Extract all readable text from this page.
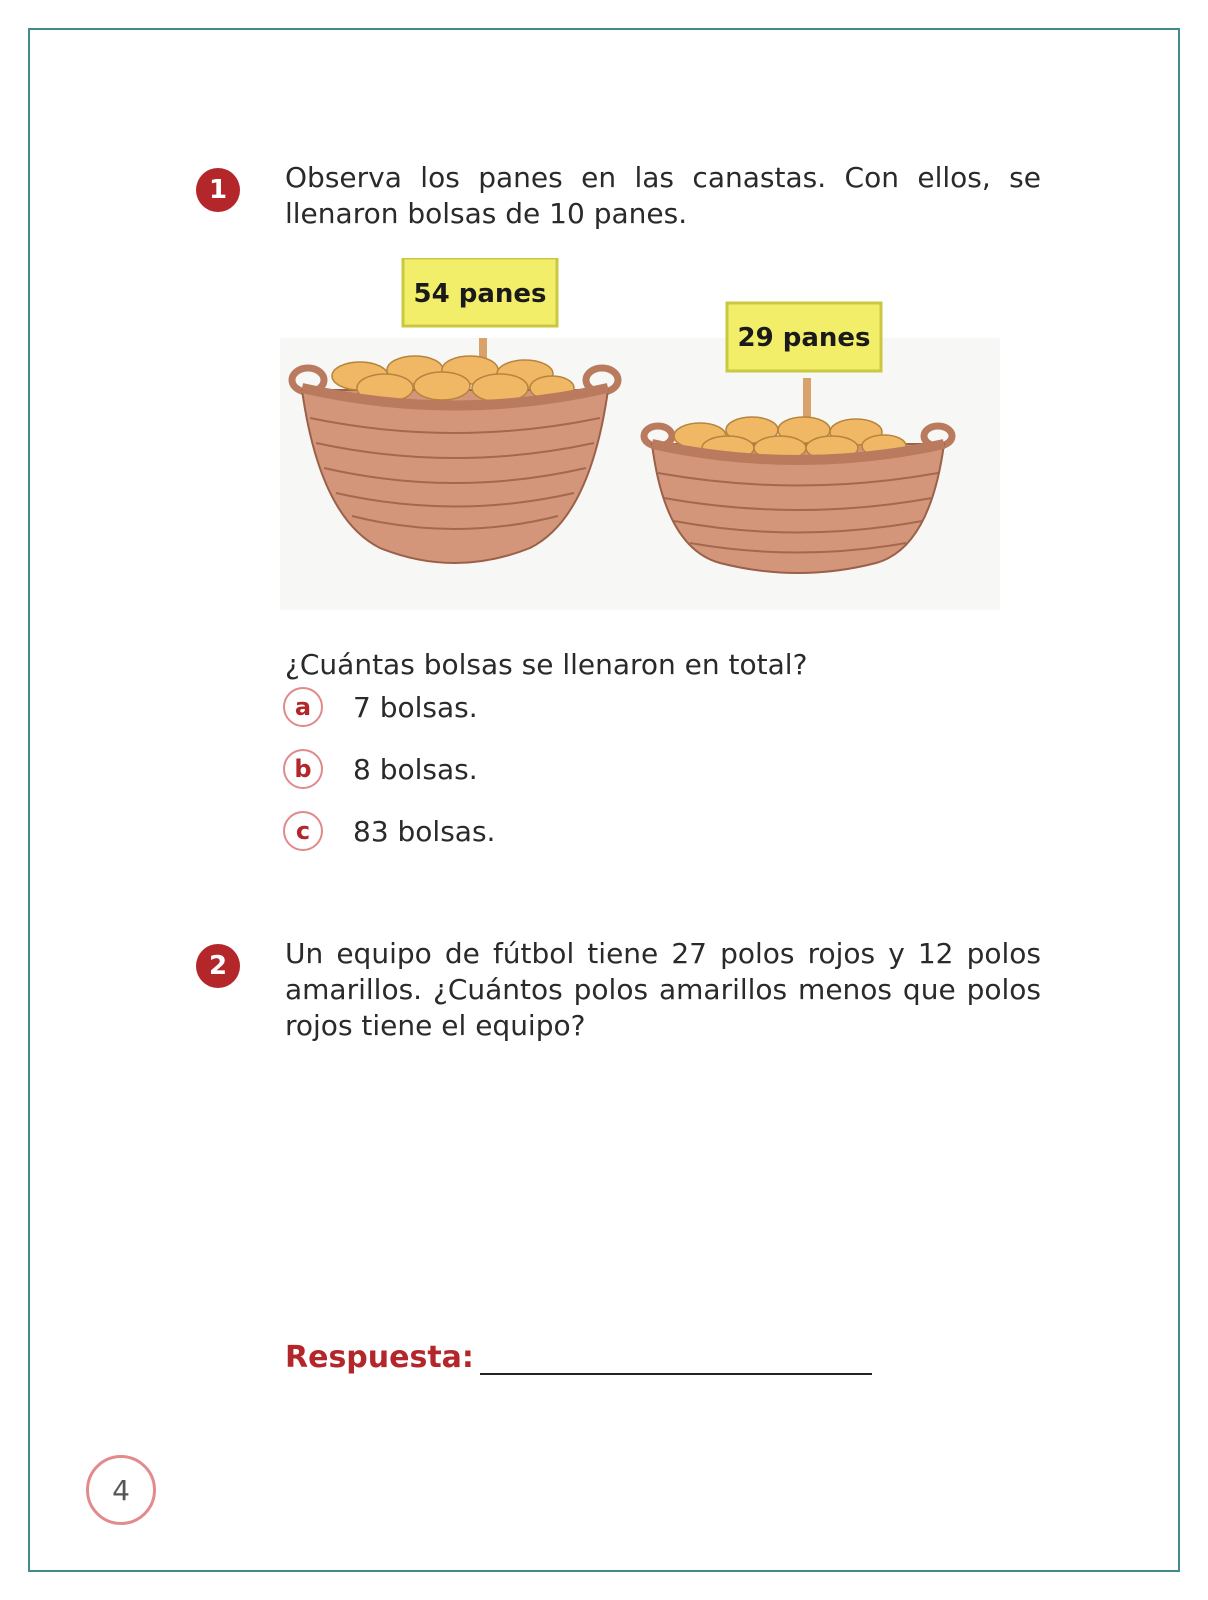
1	Observa los panes en las canastas. Con ellos, se llenaron bolsas de 10 panes.
54 panes
29 panes
¿Cuántas bolsas se llenaron en total?
a	7 bolsas.
b	8 bolsas.
c	83 bolsas.
2	Un equipo de fútbol tiene 27 polos rojos y 12 polos amarillos. ¿Cuántos polos amarillos menos que polos rojos tiene el equipo?
Respuesta:
4
